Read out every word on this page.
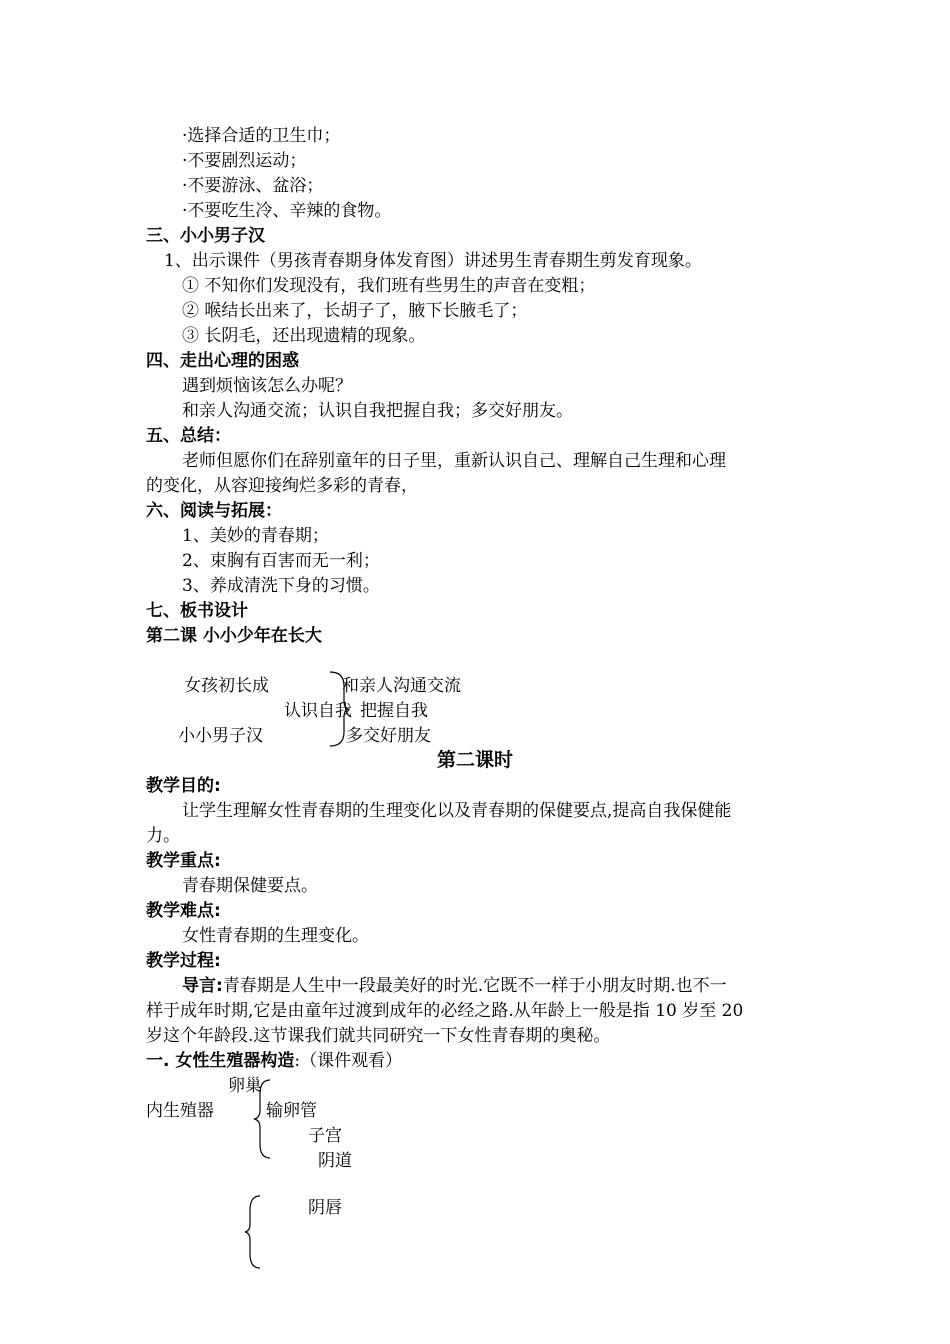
·选择合适的卫生巾；
·不要剧烈运动；
·不要游泳、盆浴；
·不要吃生冷、辛辣的食物。
三、小小男子汉
1、出示课件（男孩青春期身体发育图）讲述男生青春期生剪发育现象。
① 不知你们发现没有，我们班有些男生的声音在变粗；
② 喉结长出来了，长胡子了，腋下长腋毛了；
③ 长阴毛，还出现遗精的现象。
四、走出心理的困惑
遇到烦恼该怎么办呢？
和亲人沟通交流；认识自我把握自我；多交好朋友。
五、总结：
老师但愿你们在辞别童年的日子里，重新认识自己、理解自己生理和心理
的变化，从容迎接绚烂多彩的青春，
六、阅读与拓展：
1、美妙的青春期；
2、束胸有百害而无一利；
3、养成清洗下身的习惯。
七、板书设计
第二课 小小少年在长大
女孩初长成
认识自我
小小男子汉
和亲人沟通交流
把握自我
多交好朋友
第二课时
教学目的:
让学生理解女性青春期的生理变化以及青春期的保健要点,提高自我保健能
力。
教学重点:
青春期保健要点。
教学难点:
女性青春期的生理变化。
教学过程:
导言:青春期是人生中一段最美好的时光.它既不一样于小朋友时期.也不一
样于成年时期,它是由童年过渡到成年的必经之路.从年龄上一般是指 10 岁至 20
岁这个年龄段.这节课我们就共同研究一下女性青春期的奥秘。
一. 女性生殖器构造:（课件观看）
卵巢
内生殖器	输卵管
子宫
阴道
阴唇
